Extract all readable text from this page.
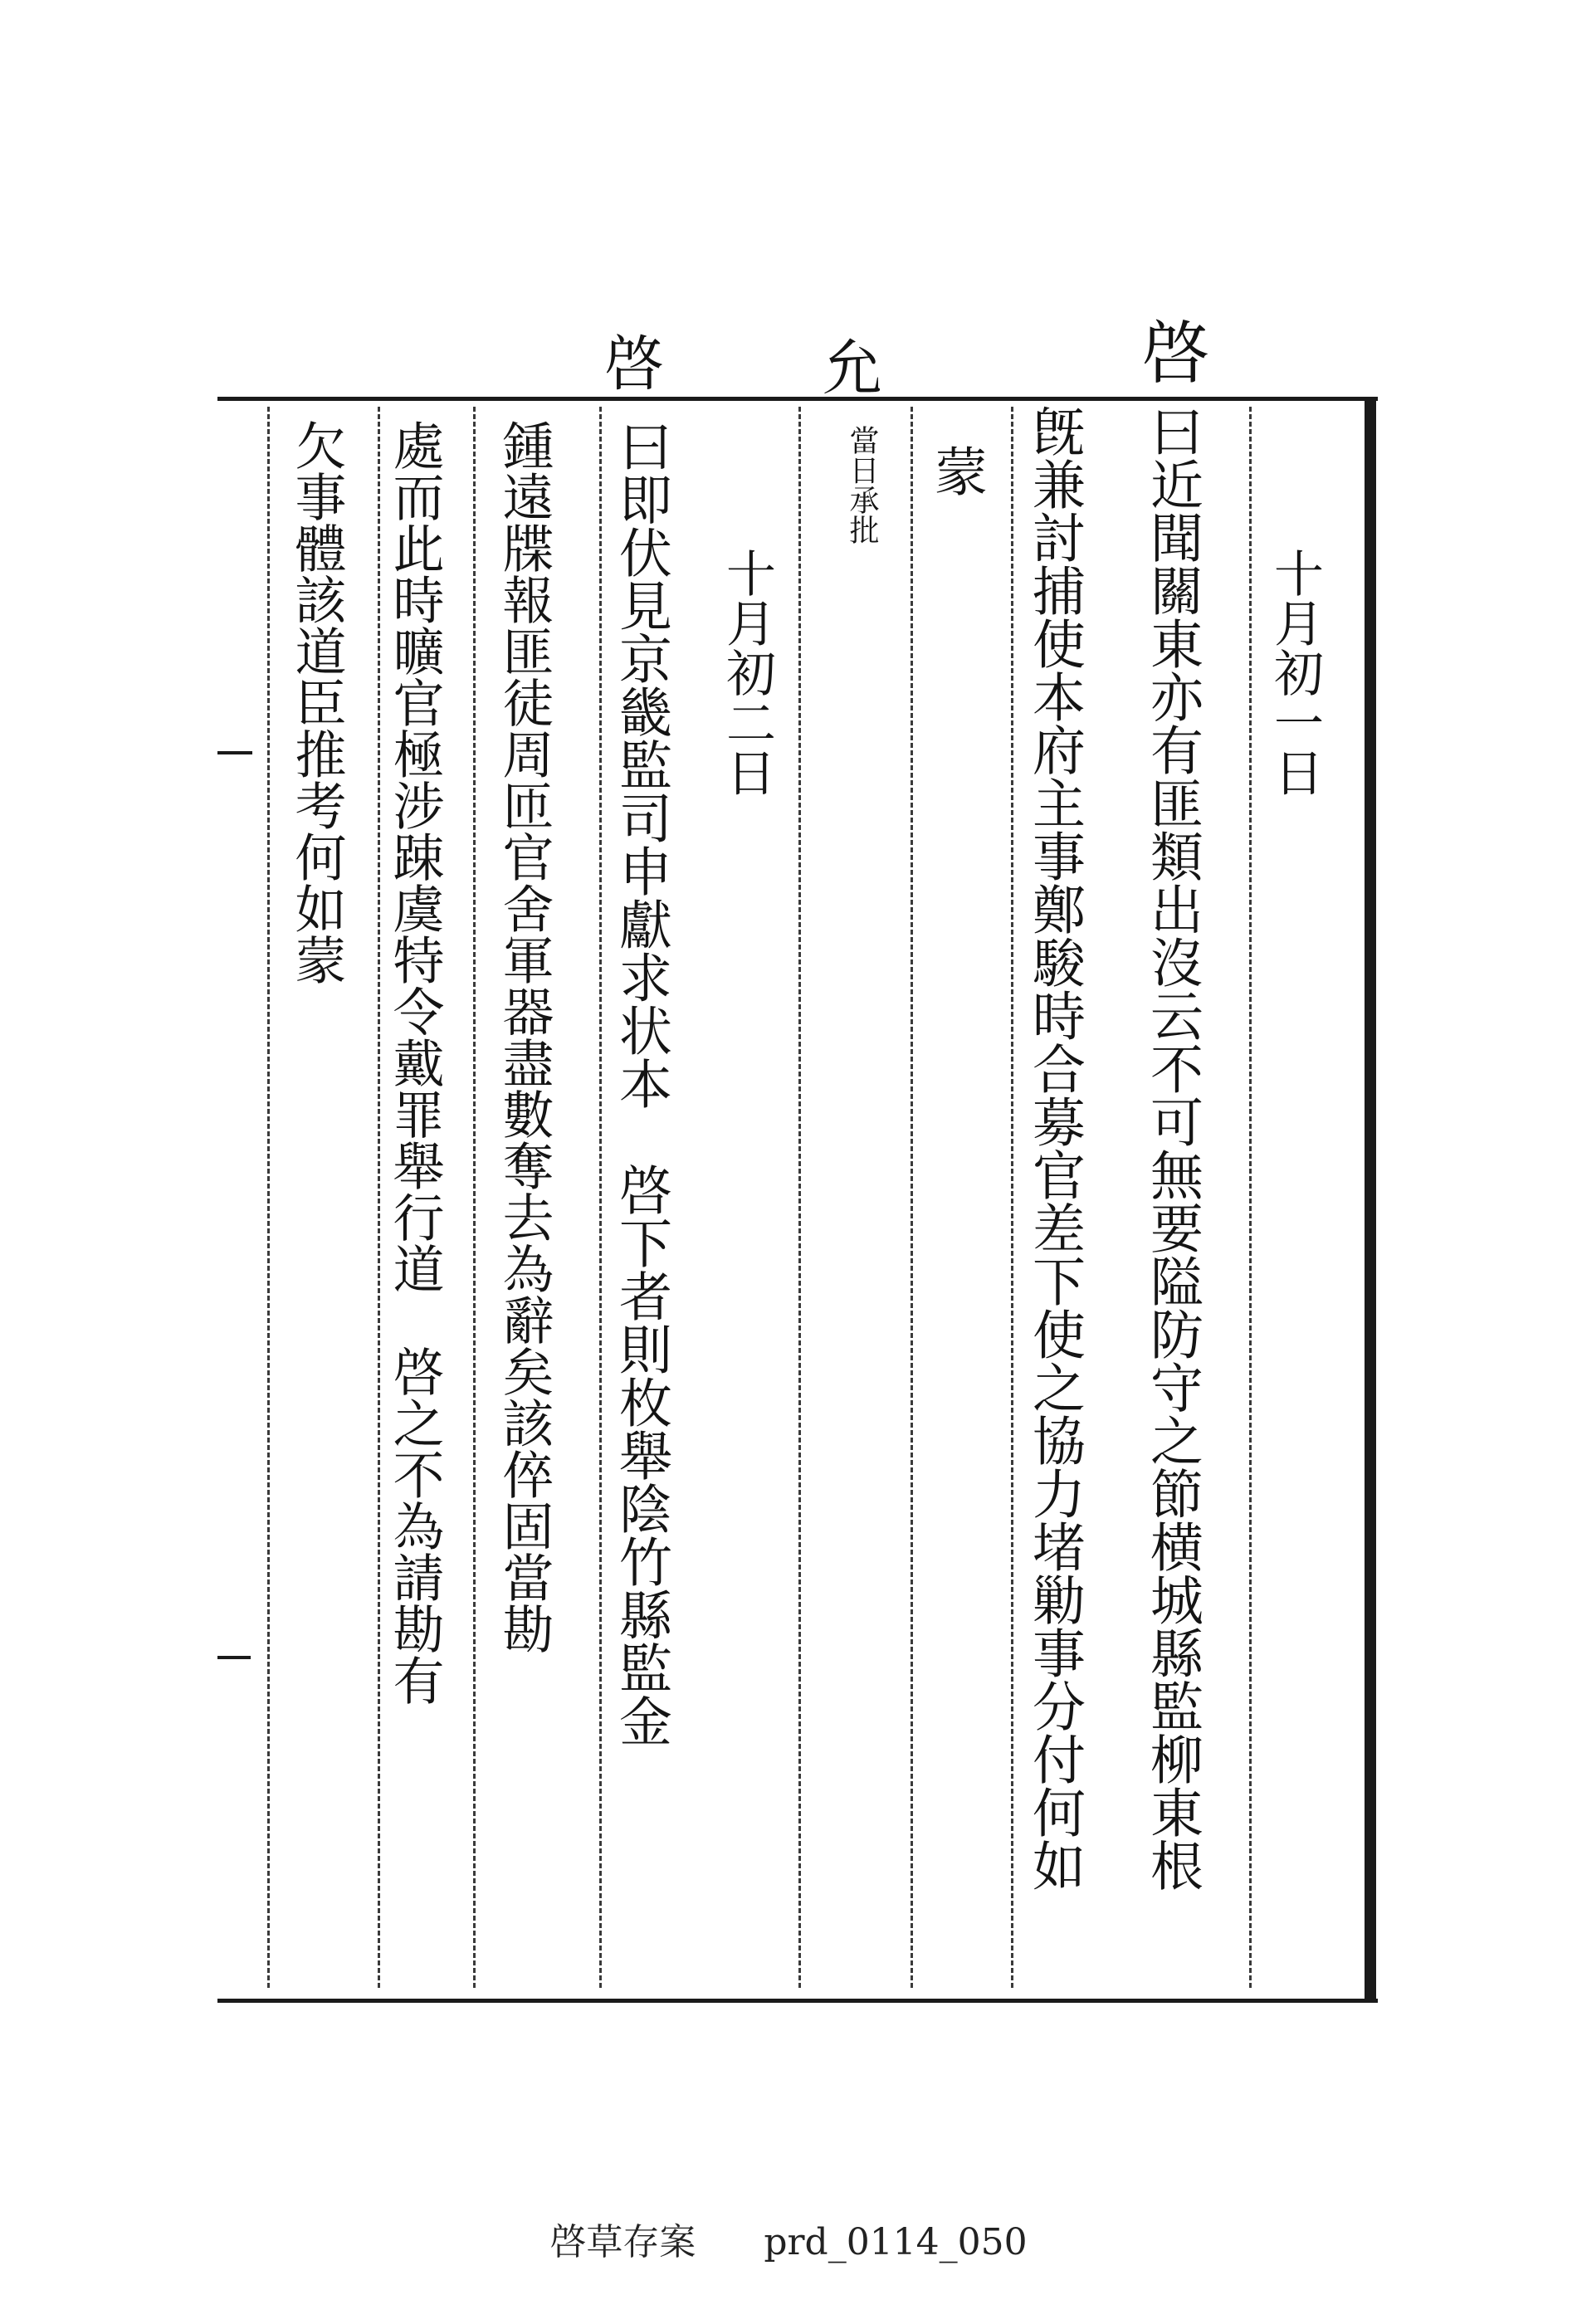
啓
允
啓
十月初一日
曰近聞關東亦有匪類出沒云不可無要隘防守之節横城縣監柳東根
旣兼討捕使本府主事鄭駿時合募官差下使之協力堵勦事分付何如
蒙
當日承批
十月初二日
曰即伏見京畿監司申獻求状本啓下者則枚舉陰竹縣監金
鍾遠牒報匪徒周匝官舍軍器盡數奪去為辭矣該倅固當勘
處而此時曠官極涉踈虞特令戴罪舉行道啓之不為請勘有
欠事體該道臣推考何如蒙
啓草存案 prd_0114_050
